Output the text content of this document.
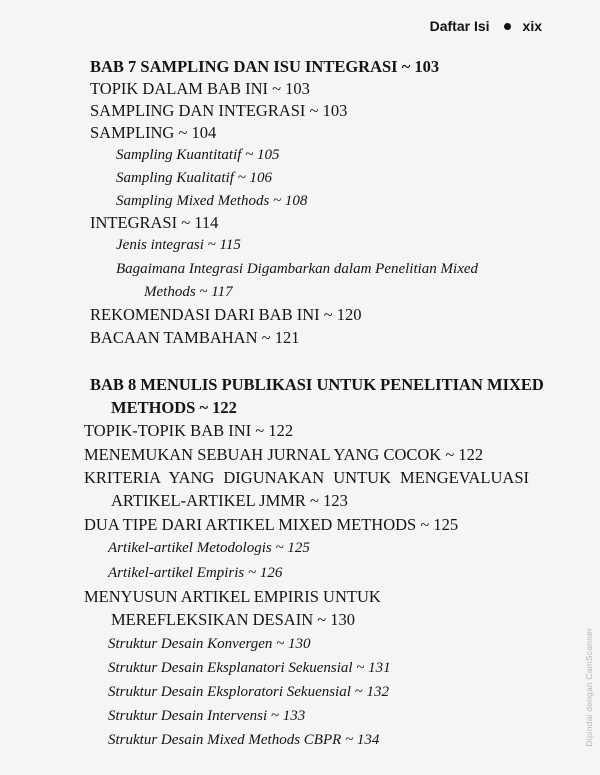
Daftar Isi xix
BAB 7 SAMPLING DAN ISU INTEGRASI ~ 103
TOPIK DALAM BAB INI ~ 103
SAMPLING DAN INTEGRASI ~ 103
SAMPLING ~ 104
Sampling Kuantitatif ~ 105
Sampling Kualitatif ~ 106
Sampling Mixed Methods ~ 108
INTEGRASI ~ 114
Jenis integrasi ~ 115
Bagaimana Integrasi Digambarkan dalam Penelitian Mixed
Methods ~ 117
REKOMENDASI DARI BAB INI ~ 120
BACAAN TAMBAHAN ~ 121
BAB 8 MENULIS PUBLIKASI UNTUK PENELITIAN MIXED
METHODS ~ 122
TOPIK-TOPIK BAB INI ~ 122
MENEMUKAN SEBUAH JURNAL YANG COCOK ~ 122
KRITERIA YANG DIGUNAKAN UNTUK MENGEVALUASI
ARTIKEL-ARTIKEL JMMR ~ 123
DUA TIPE DARI ARTIKEL MIXED METHODS ~ 125
Artikel-artikel Metodologis ~ 125
Artikel-artikel Empiris ~ 126
MENYUSUN ARTIKEL EMPIRIS UNTUK
MEREFLEKSIKAN DESAIN ~ 130
Struktur Desain Konvergen ~ 130
Struktur Desain Eksplanatori Sekuensial ~ 131
Struktur Desain Eksploratori Sekuensial ~ 132
Struktur Desain Intervensi ~ 133
Struktur Desain Mixed Methods CBPR ~ 134	Dipindai dengan CamScanner
